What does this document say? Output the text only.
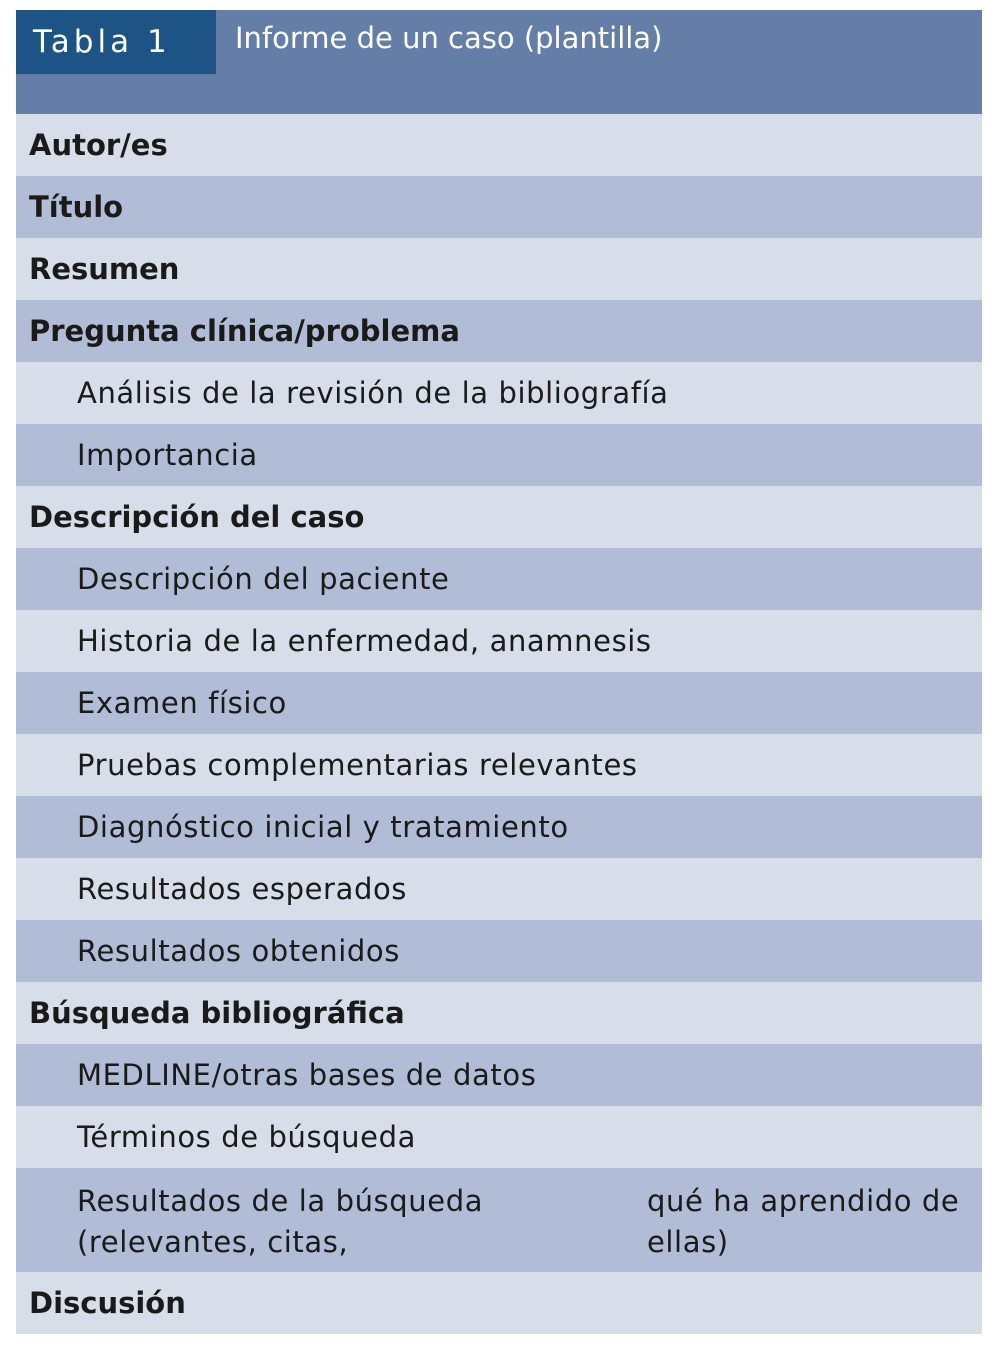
Tabla 1	Informe de un caso (plantilla)
Autor/es
Título
Resumen
Pregunta clínica/problema
Análisis de la revisión de la bibliografía
Importancia
Descripción del caso
Descripción del paciente
Historia de la enfermedad, anamnesis
Examen físico
Pruebas complementarias relevantes
Diagnóstico inicial y tratamiento
Resultados esperados
Resultados obtenidos
Búsqueda bibliográfica
MEDLINE/otras bases de datos
Términos de búsqueda
Resultados de la búsqueda (relevantes, citas,
qué ha aprendido de ellas)
Discusión
